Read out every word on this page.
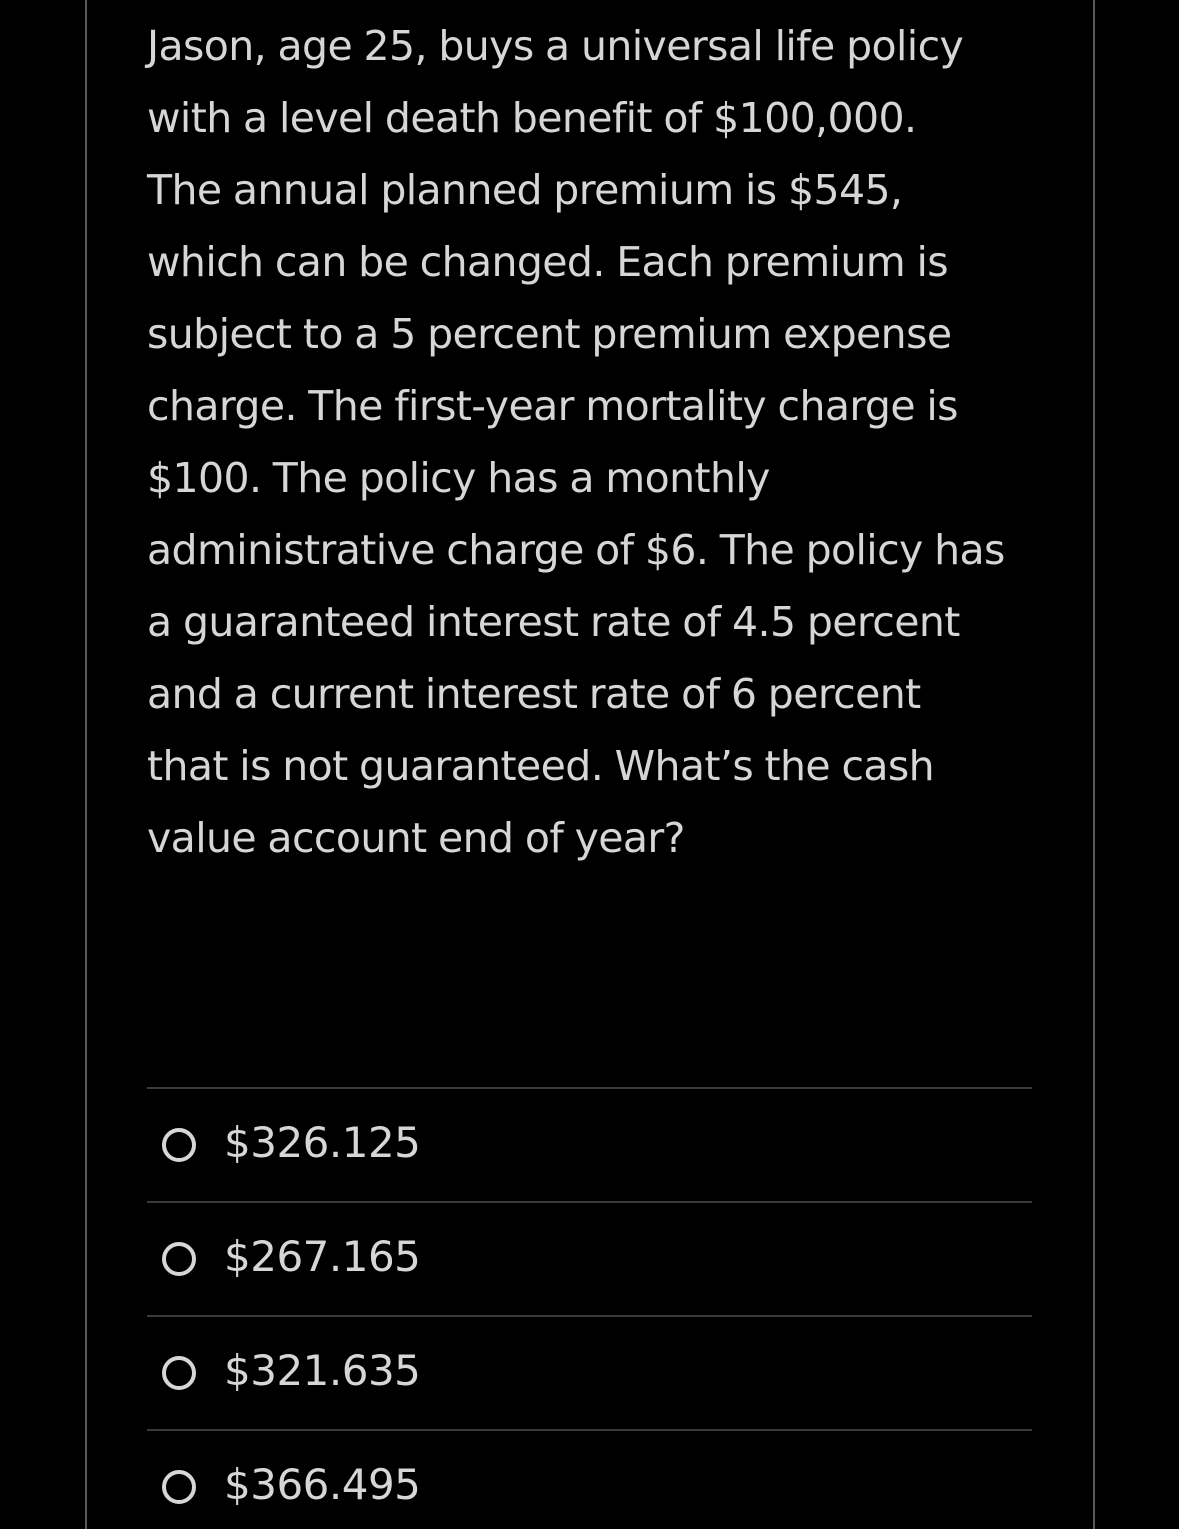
Jason, age 25, buys a universal life policy
with a level death benefit of $100,000.
The annual planned premium is $545,
which can be changed. Each premium is
subject to a 5 percent premium expense
charge. The first-year mortality charge is
$100. The policy has a monthly
administrative charge of $6. The policy has
a guaranteed interest rate of 4.5 percent
and a current interest rate of 6 percent
that is not guaranteed. What’s the cash
value account end of year?

$326.125
$267.165
$321.635
$366.495
